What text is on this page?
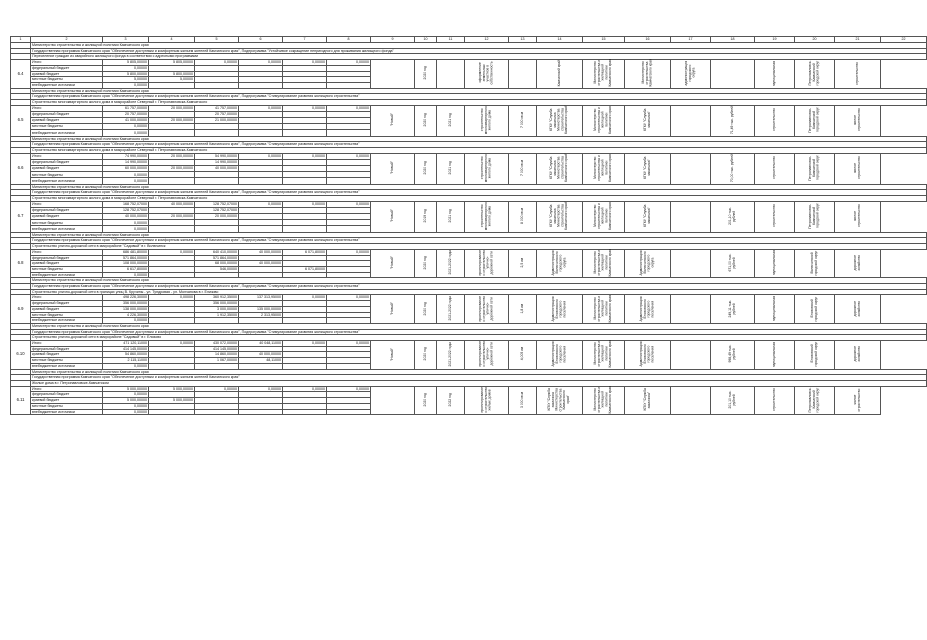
1	2	3	4	5	6	7	8	9	10	11	12	13	14	15	16	17	18	19	20	21	22
	Министерство строительства и жилищной политики Камчатского края																				
	Государственная программа Камчатского края "Обеспечение доступным и комфортным жильем жителей Камчатского края", Подпрограмма "Устойчивое сокращение непригодного для проживания жилищного фонда"																				
	Переселение граждан из аварийного жилищного фонда в соответствии с адресными программами																				
6.4	Итого	5 805,00000	5 805,00000	0,00000	0,00000	0,00000	0,00000		2020 год		оформление земельных участков в собственность		Камчатский край	Министерство строительства и жилищной политики Камчатского края	Министерство строительства Камчатского края	администрация городского округа		муниципальная	Петропавловск-Камчатский городской округ	строительство	
	федеральный бюджет	0,00000																			
	краевой бюджет	5 800,00000	5 800,00000																		
	местные бюджеты	5,00000	5,00000																		
	внебюджетные источники	0,00000																			
	Министерство строительства и жилищной политики Камчатского края																				
	Государственная программа Камчатского края "Обеспечение доступным и комфортным жильем жителей Камчатского края", Подпрограмма "Стимулирование развития жилищного строительства"																				
	Строительство многоквартирного жилого дома в микрорайоне Северный г. Петропавловска-Камчатского																				
6.5	Итого	61 757,00000	20 000,00000	41 757,00000	0,00000	0,00000	0,00000	"Новый"	2020 год	2021 год	строительство многоквартирного жилого дома	7 000 кв.м	КГКУ "Служба заказчика Министерства строительства Камчатского края"	Министерство строительства и жилищной политики Камчатского края	КГКУ "Служба заказчика"		71,49 тыс. рублей	строительство	Петропавловск-Камчатский городской округ	жилое строительство	
	федеральный бюджет	20 757,00000		20 757,00000																	
	краевой бюджет	41 000,00000	20 000,00000	21 000,00000																	
	местные бюджеты	0,00000																			
	внебюджетные источники	0,00000																			
	Министерство строительства и жилищной политики Камчатского края																				
	Государственная программа Камчатского края "Обеспечение доступным и комфортным жильем жителей Камчатского края", Подпрограмма "Стимулирование развития жилищного строительства"																				
	Строительство многоквартирного жилого дома в микрорайоне Северный г. Петропавловска-Камчатского																				
6.6	Итого	74 990,00000	20 000,00000	54 990,00000	0,00000	0,00000	0,00000	"Новый"	2020 год	2021 год	строительство многоквартирного жилого дома	7 000 кв.м	КГКУ "Служба заказчика Министерства строительства Камчатского края"	Министерство строительства и жилищной политики Камчатского края	КГКУ "Служба заказчика"		70,00 тыс. рублей	строительство	Петропавловск-Камчатский городской округ	жилое строительство	
	федеральный бюджет	14 990,00000		14 990,00000																	
	краевой бюджет	60 000,00000	20 000,00000	40 000,00000																	
	местные бюджеты	0,00000																			
	внебюджетные источники	0,00000																			
	Министерство строительства и жилищной политики Камчатского края																				
	Государственная программа Камчатского края "Обеспечение доступным и комфортным жильем жителей Камчатского края", Подпрограмма "Стимулирование развития жилищного строительства"																				
	Строительство многоквартирного жилого дома в микрорайоне Северный г. Петропавловска-Камчатского																				
6.7	Итого	168 752,07000	40 000,00000	128 752,07000	0,00000	0,00000	0,00000	"Новый"	2019 год	2021 год	строительство многоквартирного жилого дома	8 000 кв.м	КГКУ "Служба заказчика Министерства строительства Камчатского края"	Министерство строительства и жилищной политики Камчатского края	КГКУ "Служба заказчика"		201,10 тыс. рублей	строительство	Петропавловск-Камчатский городской округ	жилое строительство	
	федеральный бюджет	128 752,07000		128 752,07000																	
	краевой бюджет	40 000,00000	20 000,00000	20 000,00000																	
	местные бюджеты	0,00000																			
	внебюджетные источники	0,00000																			
	Министерство строительства и жилищной политики Камчатского края																				
	Государственная программа Камчатского края "Обеспечение доступным и комфортным жильем жителей Камчатского края", Подпрограмма "Стимулирование развития жилищного строительства"																				
	Строительство улично-дорожной сети в микрорайоне "Садовый" в г. Вилючинск																				
6.8	Итого	686 481,80000	0,00000	640 410,00000	40 000,00000	6 071,80000	0,00000	"Новый"	2020 год	2021-2022 годы	проектирование и строительство улично-дорожной сети	2,5 км	Администрация Вилючинского городского округа	Министерство строительства и жилищной политики Камчатского края	Администрация Вилючинского городского округа		671,00 тыс. рублей	муниципальная	Вилючинский городской округ	дорожное хозяйство	
	федеральный бюджет	571 864,00000		571 864,00000																	
	краевой бюджет	108 000,00000		68 000,00000	40 000,00000																
	местные бюджеты	6 617,80000		546,00000		6 071,80000															
	внебюджетные источники	0,00000																			
	Министерство строительства и жилищной политики Камчатского края																				
	Государственная программа Камчатского края "Обеспечение доступным и комфортным жильем жителей Камчатского края", Подпрограмма "Стимулирование развития жилищного строительства"																				
	Строительство улично-дорожной сети в границах улиц В. Кручины - ул. Тундровая - ул. Молчанова в г. Елизово																				
6.9	Итого	498 226,30000	0,00000	360 912,35000	137 313,95000	0,00000	0,00000	"Новый"	2020 год	2021-2022 годы	проектирование и строительство улично-дорожной сети	1,8 км	Администрация Елизовского городского поселения	Министерство строительства и жилищной политики Камчатского края	Администрация Елизовского городского поселения		249,11 тыс. рублей	муниципальная	Елизовский городской округ	дорожное хозяйство	
	федеральный бюджет	356 000,00000		356 000,00000																	
	краевой бюджет	138 000,00000		3 000,00000	135 000,00000																
	местные бюджеты	4 226,30000		1 912,35000	2 313,95000																
	внебюджетные источники	0,00000																			
	Министерство строительства и жилищной политики Камчатского края																				
	Государственная программа Камчатского края "Обеспечение доступным и комфортным жильем жителей Камчатского края", Подпрограмма "Стимулирование развития жилищного строительства"																				
	Строительство улично-дорожной сети в микрорайоне "Садовый" в г. Елизово																				
6.10	Итого	471 120,11000	0,00000	430 072,00000	40 048,11000	0,00000	0,00000	"Новый"	2020 год	2021-2022 годы	проектирование и строительство улично-дорожной сети	4,005 км	Администрация Елизовского городского поселения	Министерство строительства и жилищной политики Камчатского края	Администрация Елизовского городского поселения		998,49 тыс. рублей	муниципальная	Елизовский городской округ	дорожное хозяйство	
	федеральный бюджет	414 145,00000		414 145,00000																	
	краевой бюджет	54 860,00000		14 860,00000	40 000,00000																
	местные бюджеты	2 115,11000		1 067,00000	48,11000																
	внебюджетные источники	0,00000																			
	Министерство строительства и жилищной политики Камчатского края																				
	Государственная программа Камчатского края "Обеспечение доступным и комфортным жильем жителей Камчатского края"																				
	Жилые дома в г. Петропавловске-Камчатском																				
6.11	Итого	5 000,00000	5 000,00000	0,00000	0,00000	0,00000	0,00000		2020 год	2022 год	проектирование и строительство жилых домов	3 000 кв.м	КГКУ "Служба заказчика Министерства строительства Камчатского края"	Министерство строительства и жилищной политики Камчатского края	КГКУ "Служба заказчика"		201,10 тыс. рублей	строительство	Петропавловск-Камчатский городской округ	жилое строительство	
	федеральный бюджет	0,00000																			
	краевой бюджет	5 000,00000	5 000,00000																		
	местные бюджеты	0,00000																			
	внебюджетные источники	0,00000																			
